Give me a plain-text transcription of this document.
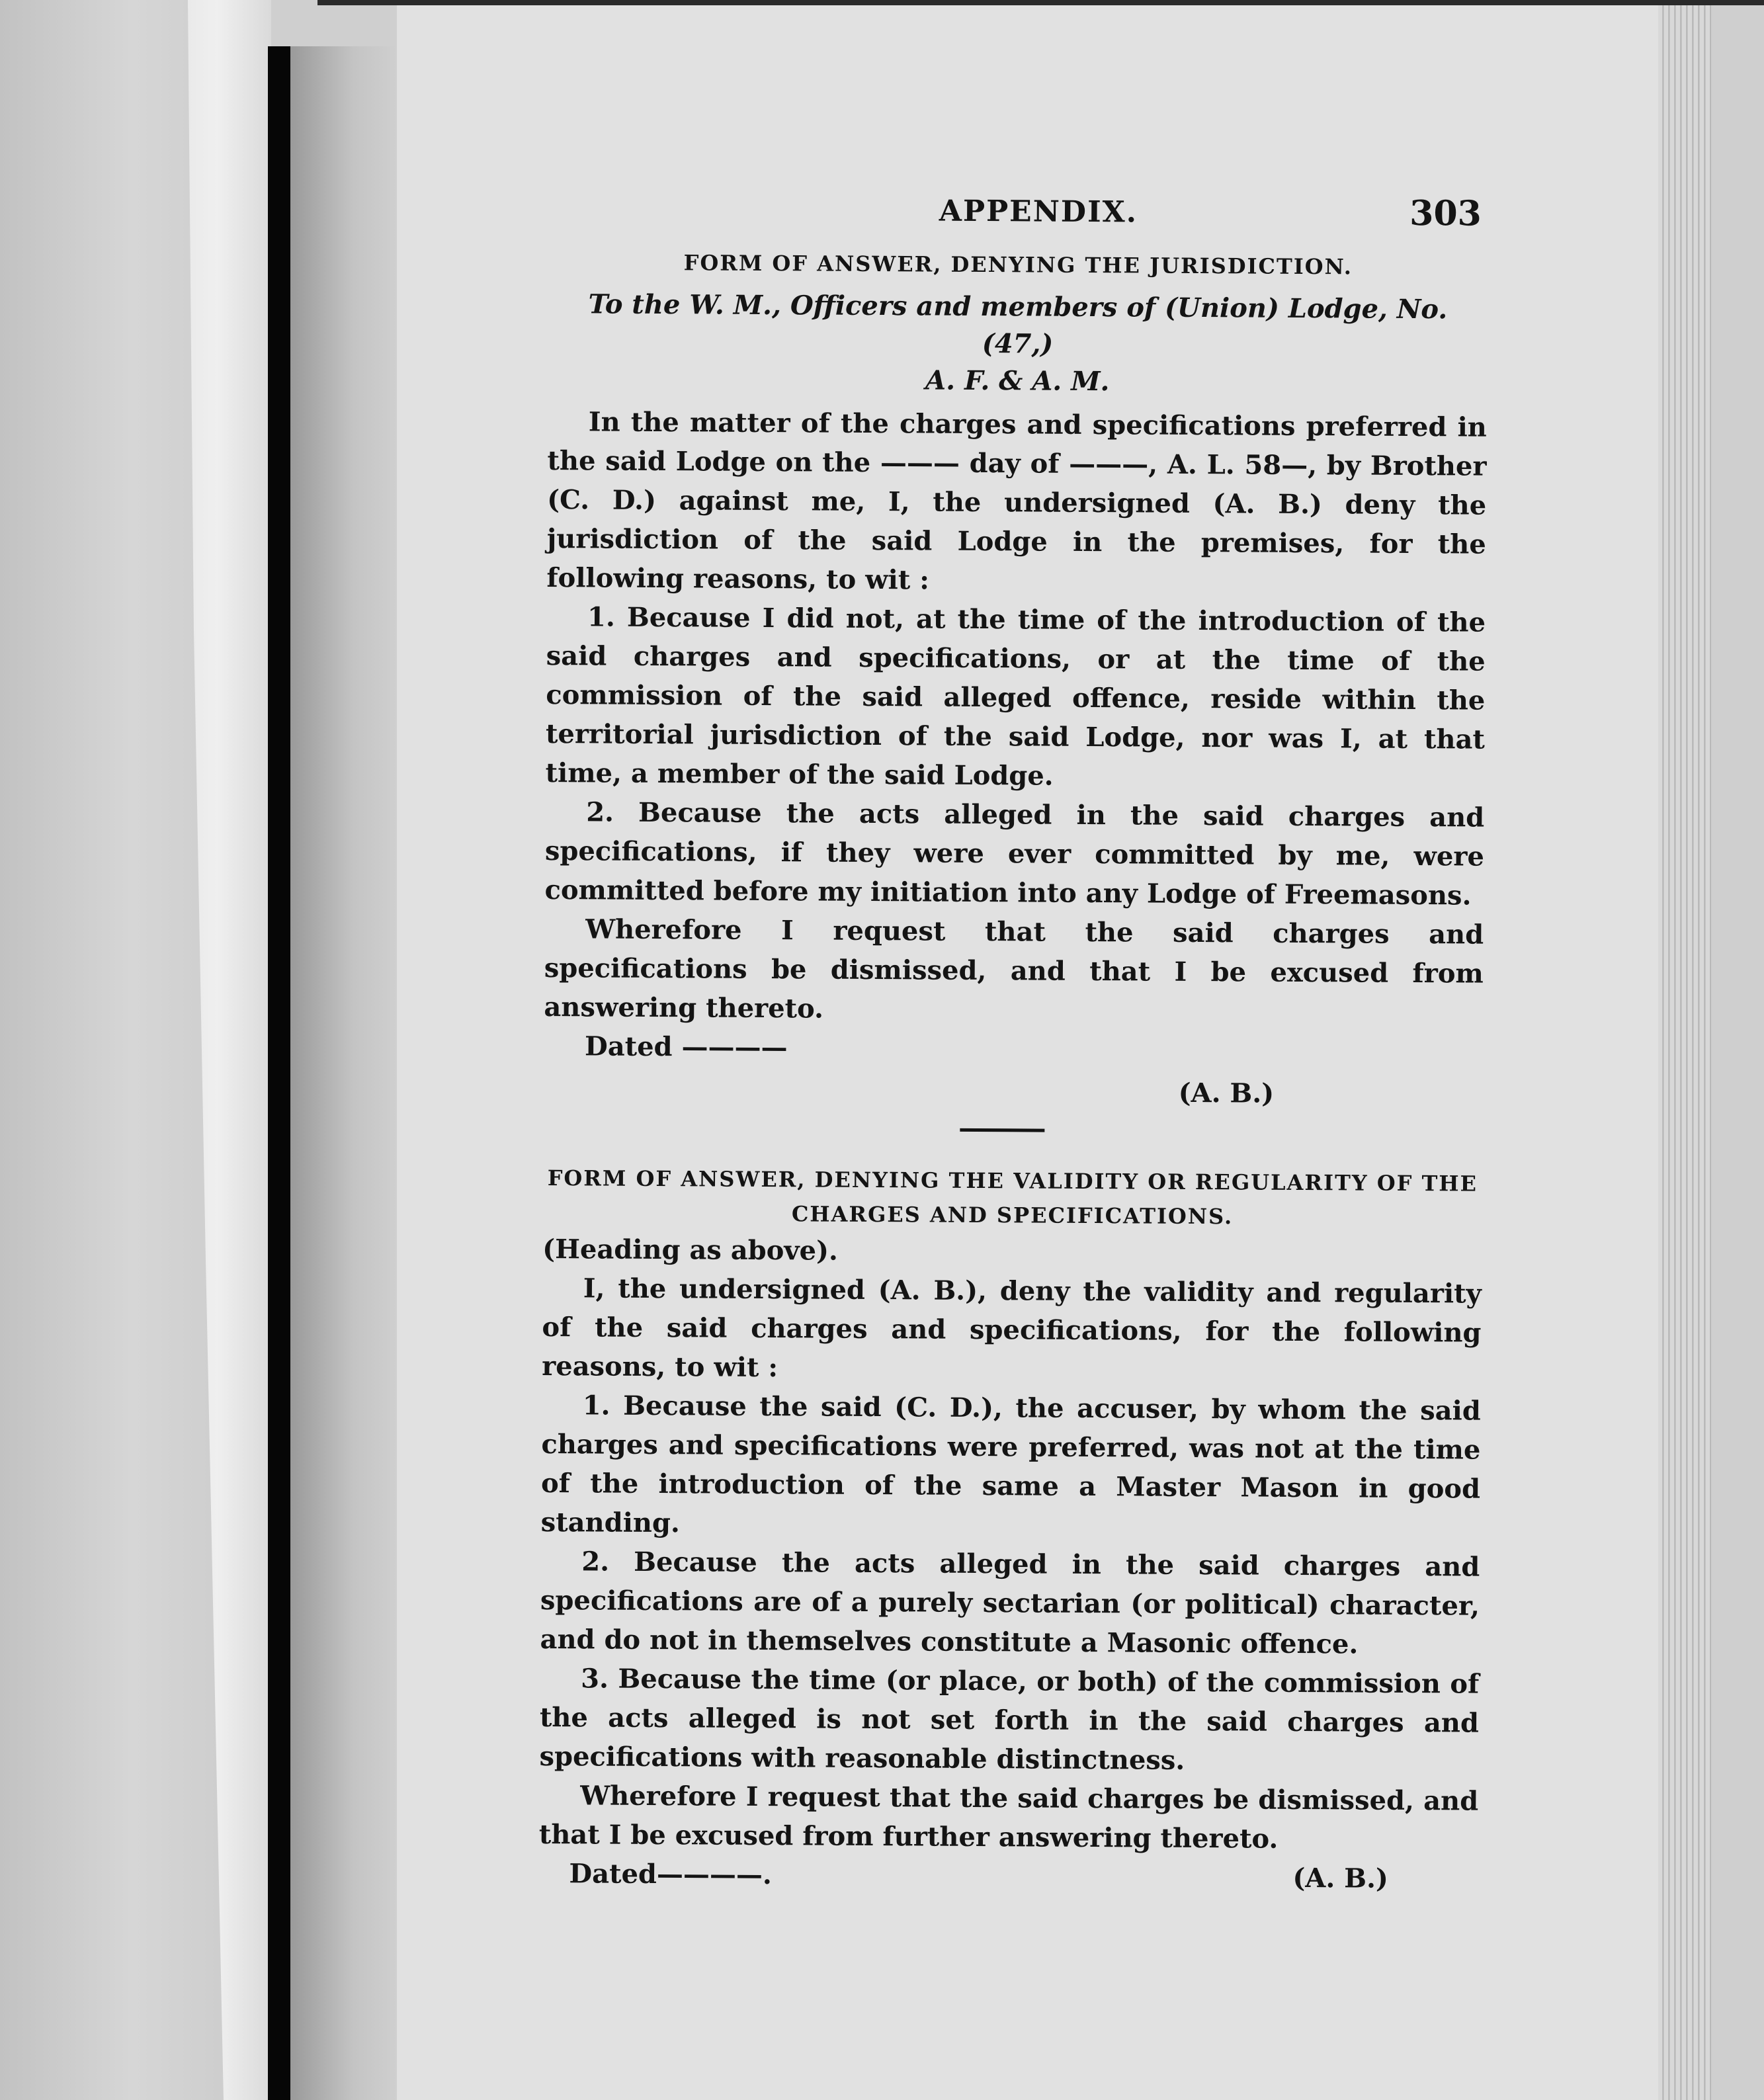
APPENDIX.	303
FORM OF ANSWER, DENYING THE JURISDICTION.
To the W. M., Officers and members of (Union) Lodge, No. (47,)
A. F. & A. M.

In the matter of the charges and specifications preferred in the said Lodge on the ——— day of ———, A. L. 58—, by Brother (C. D.) against me, I, the undersigned (A. B.) deny the jurisdiction of the said Lodge in the premises, for the following reasons, to wit :

1. Because I did not, at the time of the introduction of the said charges and specifications, or at the time of the commission of the said alleged offence, reside within the territorial jurisdiction of the said Lodge, nor was I, at that time, a member of the said Lodge.

2. Because the acts alleged in the said charges and specifications, if they were ever committed by me, were committed before my initiation into any Lodge of Freemasons.

Wherefore I request that the said charges and specifications be dismissed, and that I be excused from answering thereto.

Dated ————
(A. B.)
FORM OF ANSWER, DENYING THE VALIDITY OR REGULARITY OF THE
CHARGES AND SPECIFICATIONS.

(Heading as above).

I, the undersigned (A. B.), deny the validity and regularity of the said charges and specifications, for the following reasons, to wit :

1. Because the said (C. D.), the accuser, by whom the said charges and specifications were preferred, was not at the time of the introduction of the same a Master Mason in good standing.

2. Because the acts alleged in the said charges and specifications are of a purely sectarian (or political) character, and do not in themselves constitute a Masonic offence.

3. Because the time (or place, or both) of the commission of the acts alleged is not set forth in the said charges and specifications with reasonable distinctness.

Wherefore I request that the said charges be dismissed, and that I be excused from further answering thereto.

Dated————.	(A. B.)
